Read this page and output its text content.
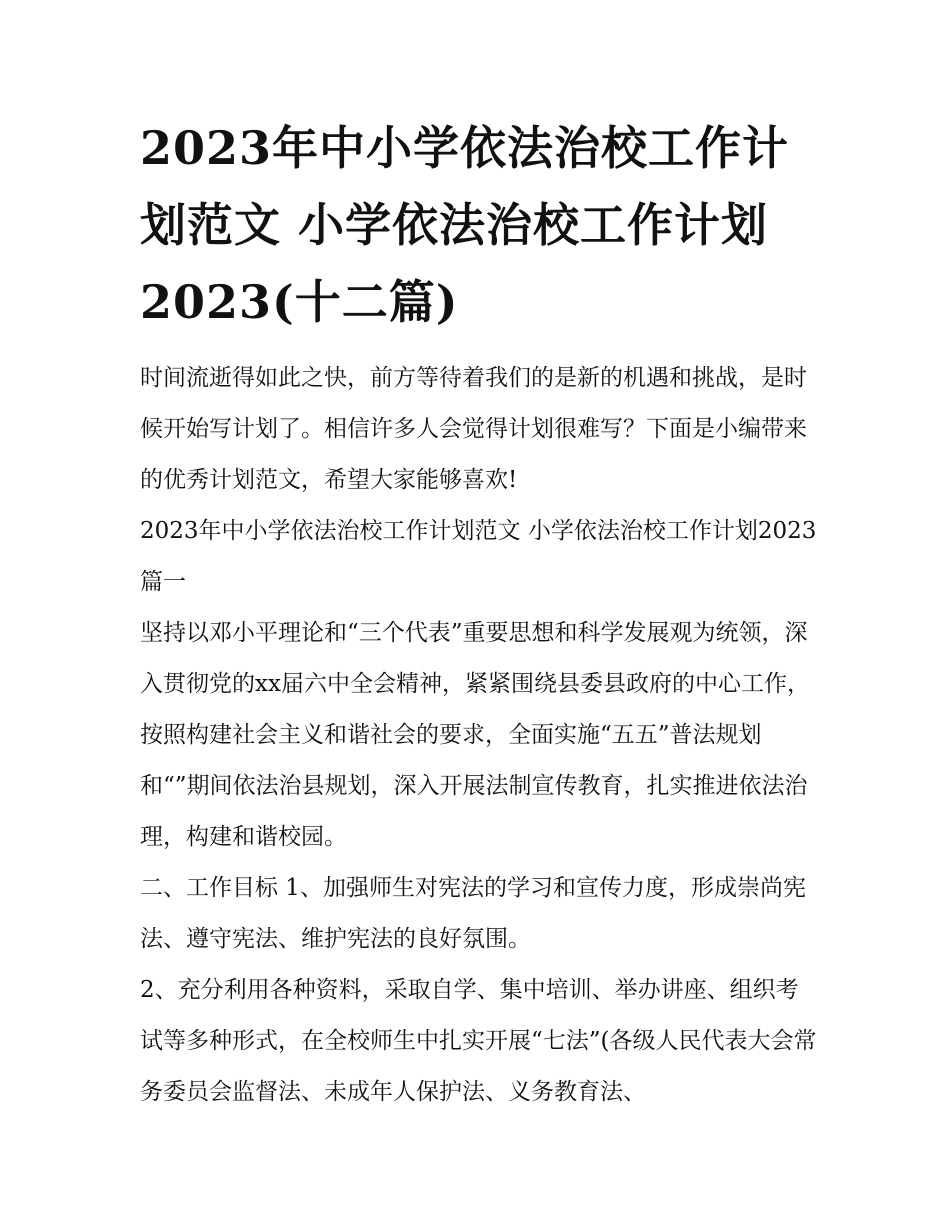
2023年中小学依法治校工作计划范文 小学依法治校工作计划2023(十二篇)

时间流逝得如此之快，前方等待着我们的是新的机遇和挑战，是时候开始写计划了。相信许多人会觉得计划很难写？下面是小编带来的优秀计划范文，希望大家能够喜欢!

2023年中小学依法治校工作计划范文 小学依法治校工作计划2023篇一

坚持以邓小平理论和“三个代表”重要思想和科学发展观为统领，深入贯彻党的xx届六中全会精神，紧紧围绕县委县政府的中心工作，按照构建社会主义和谐社会的要求，全面实施“五五”普法规划和“”期间依法治县规划，深入开展法制宣传教育，扎实推进依法治理，构建和谐校园。

二、工作目标 1、加强师生对宪法的学习和宣传力度，形成崇尚宪法、遵守宪法、维护宪法的良好氛围。

2、充分利用各种资料，采取自学、集中培训、举办讲座、组织考试等多种形式，在全校师生中扎实开展“七法”(各级人民代表大会常务委员会监督法、未成年人保护法、义务教育法、
